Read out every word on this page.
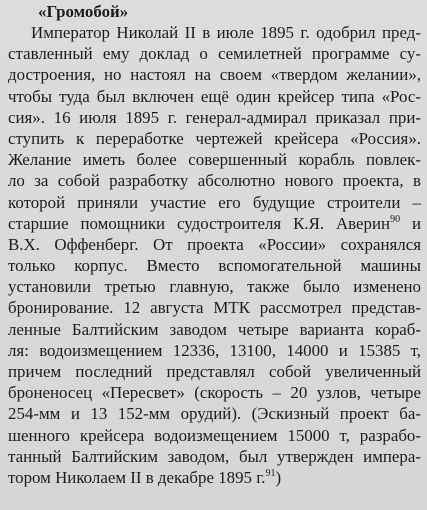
«Громобой»
Император Николай II в июле 1895 г. одобрил пред-
ставленный ему доклад о семилетней программе су-
достроения, но настоял на своем «твердом желании»,
чтобы туда был включен ещё один крейсер типа «Рос-
сия». 16 июля 1895 г. генерал-адмирал приказал при-
ступить к переработке чертежей крейсера «Россия».
Желание иметь более совершенный корабль повлек-
ло за собой разработку абсолютно нового проекта, в
которой приняли участие его будущие строители –
старшие помощники судостроителя К.Я. Аверин$^{90}$ и
В.Х. Оффенберг. От проекта «России» сохранялся
только корпус. Вместо вспомогательной машины
установили третью главную, также было изменено
бронирование. 12 августа МТК рассмотрел представ-
ленные Балтийским заводом четыре варианта кораб-
ля: водоизмещением 12336, 13100, 14000 и 15385 т,
причем последний представлял собой увеличенный
броненосец «Пересвет» (скорость – 20 узлов, четыре
254-мм и 13 152-мм орудий). (Эскизный проект ба-
шенного крейсера водоизмещением 15000 т, разрабо-
танный Балтийским заводом, был утвержден импера-
тором Николаем II в декабре 1895 г.$^{91}$)
